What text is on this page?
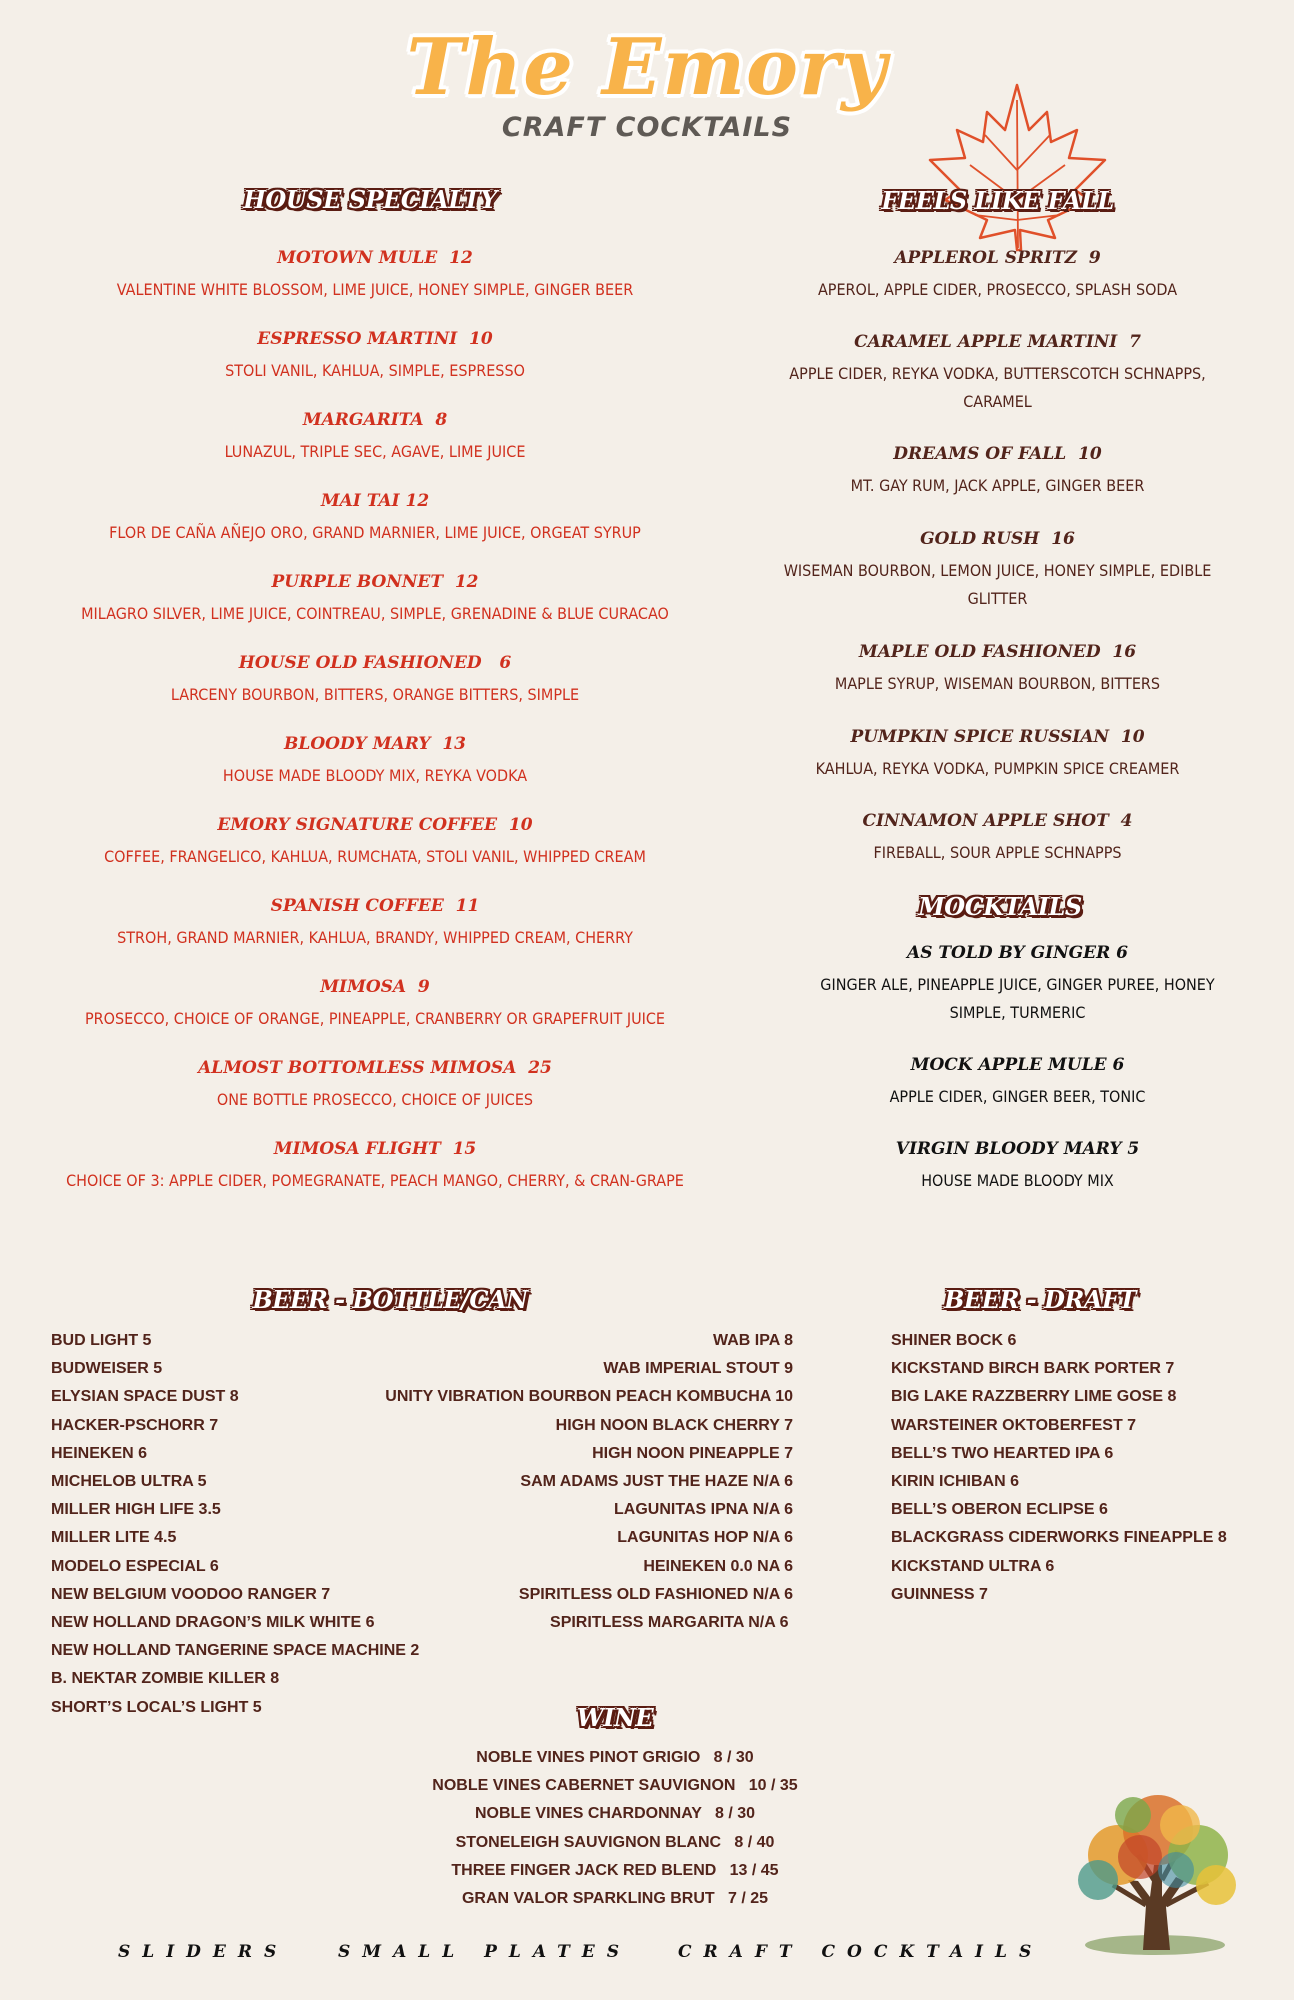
The Emory
CRAFT COCKTAILS
HOUSE SPECIALTY	FEELS LIKE FALL
MOCKTAILS
BEER - BOTTLE/CAN	BEER - DRAFT
WINE
MOTOWN MULE  12
VALENTINE WHITE BLOSSOM, LIME JUICE, HONEY SIMPLE, GINGER BEER
ESPRESSO MARTINI  10
STOLI VANIL, KAHLUA, SIMPLE, ESPRESSO
MARGARITA  8
LUNAZUL, TRIPLE SEC, AGAVE, LIME JUICE
MAI TAI 12
FLOR DE CAÑA AÑEJO ORO, GRAND MARNIER, LIME JUICE, ORGEAT SYRUP
PURPLE BONNET  12
MILAGRO SILVER, LIME JUICE, COINTREAU, SIMPLE, GRENADINE & BLUE CURACAO
HOUSE OLD FASHIONED   6
LARCENY BOURBON, BITTERS, ORANGE BITTERS, SIMPLE
BLOODY MARY  13
HOUSE MADE BLOODY MIX, REYKA VODKA
EMORY SIGNATURE COFFEE  10
COFFEE, FRANGELICO, KAHLUA, RUMCHATA, STOLI VANIL, WHIPPED CREAM
SPANISH COFFEE  11
STROH, GRAND MARNIER, KAHLUA, BRANDY, WHIPPED CREAM, CHERRY
MIMOSA  9
PROSECCO, CHOICE OF ORANGE, PINEAPPLE, CRANBERRY OR GRAPEFRUIT JUICE
ALMOST BOTTOMLESS MIMOSA  25
ONE BOTTLE PROSECCO, CHOICE OF JUICES
MIMOSA FLIGHT  15
CHOICE OF 3: APPLE CIDER, POMEGRANATE, PEACH MANGO, CHERRY, & CRAN-GRAPE
APPLEROL SPRITZ  9
APEROL, APPLE CIDER, PROSECCO, SPLASH SODA
CARAMEL APPLE MARTINI  7
APPLE CIDER, REYKA VODKA, BUTTERSCOTCH SCHNAPPS, CARAMEL
DREAMS OF FALL  10
MT. GAY RUM, JACK APPLE, GINGER BEER
GOLD RUSH  16
WISEMAN BOURBON, LEMON JUICE, HONEY SIMPLE, EDIBLE GLITTER
MAPLE OLD FASHIONED  16
MAPLE SYRUP, WISEMAN BOURBON, BITTERS
PUMPKIN SPICE RUSSIAN  10
KAHLUA, REYKA VODKA, PUMPKIN SPICE CREAMER
CINNAMON APPLE SHOT  4
FIREBALL, SOUR APPLE SCHNAPPS
AS TOLD BY GINGER 6
GINGER ALE, PINEAPPLE JUICE, GINGER PUREE, HONEY SIMPLE, TURMERIC
MOCK APPLE MULE 6
APPLE CIDER, GINGER BEER, TONIC
VIRGIN BLOODY MARY 5
HOUSE MADE BLOODY MIX
BUD LIGHT 5
BUDWEISER 5
ELYSIAN SPACE DUST 8
HACKER-PSCHORR 7
HEINEKEN 6
MICHELOB ULTRA 5
MILLER HIGH LIFE 3.5
MILLER LITE 4.5
MODELO ESPECIAL 6
NEW BELGIUM VOODOO RANGER 7
NEW HOLLAND DRAGON’S MILK WHITE 6
NEW HOLLAND TANGERINE SPACE MACHINE 2
B. NEKTAR ZOMBIE KILLER 8
SHORT’S LOCAL’S LIGHT 5
WAB IPA 8
WAB IMPERIAL STOUT 9
UNITY VIBRATION BOURBON PEACH KOMBUCHA 10
HIGH NOON BLACK CHERRY 7
HIGH NOON PINEAPPLE 7
SAM ADAMS JUST THE HAZE N/A 6
LAGUNITAS IPNA N/A 6
LAGUNITAS HOP N/A 6
HEINEKEN 0.0 NA 6
SPIRITLESS OLD FASHIONED N/A 6
SPIRITLESS MARGARITA N/A 6
SHINER BOCK 6
KICKSTAND BIRCH BARK PORTER 7
BIG LAKE RAZZBERRY LIME GOSE 8
WARSTEINER OKTOBERFEST 7
BELL’S TWO HEARTED IPA 6
KIRIN ICHIBAN 6
BELL’S OBERON ECLIPSE 6
BLACKGRASS CIDERWORKS FINEAPPLE 8
KICKSTAND ULTRA 6
GUINNESS 7
NOBLE VINES PINOT GRIGIO   8 / 30
NOBLE VINES CABERNET SAUVIGNON   10 / 35
NOBLE VINES CHARDONNAY   8 / 30
STONELEIGH SAUVIGNON BLANC   8 / 40
THREE FINGER JACK RED BLEND   13 / 45
GRAN VALOR SPARKLING BRUT   7 / 25
SLIDERS	SMALL PLATES	CRAFT COCKTAILS
